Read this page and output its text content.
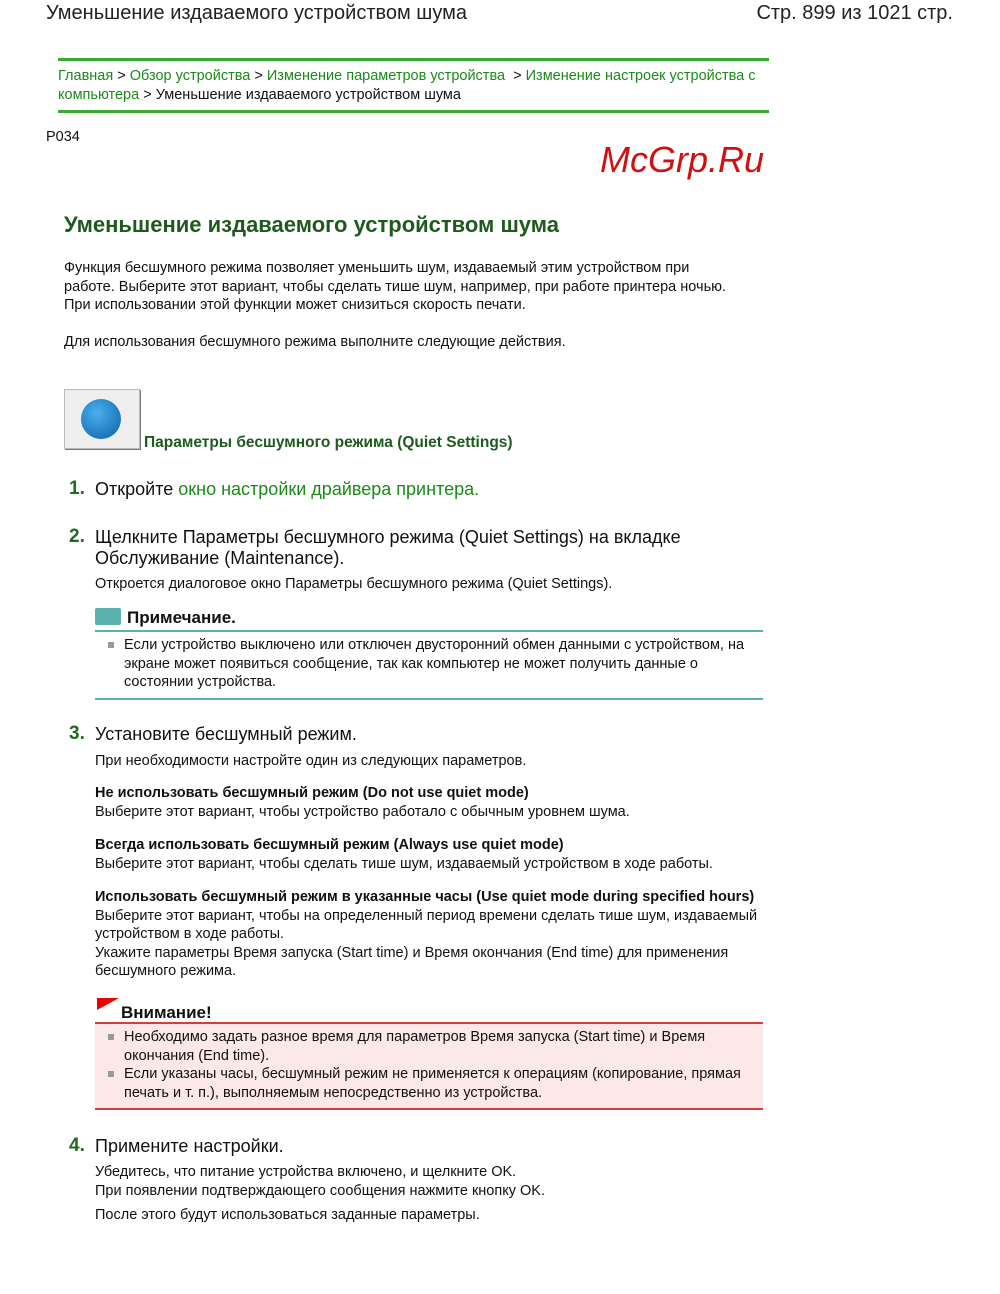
Уменьшение издаваемого устройством шума	Стр. 899 из 1021 стр.
Главная > Обзор устройства > Изменение параметров устройства  > Изменение настроек устройства с компьютера > Уменьшение издаваемого устройством шума
P034
McGrp.Ru
Уменьшение издаваемого устройством шума
Функция бесшумного режима позволяет уменьшить шум, издаваемый этим устройством при работе. Выберите этот вариант, чтобы сделать тише шум, например, при работе принтера ночью.
При использовании этой функции может снизиться скорость печати.
Для использования бесшумного режима выполните следующие действия.
Параметры бесшумного режима (Quiet Settings)
1. Откройте окно настройки драйвера принтера.
2. Щелкните Параметры бесшумного режима (Quiet Settings) на вкладке Обслуживание (Maintenance).
Откроется диалоговое окно Параметры бесшумного режима (Quiet Settings).
Примечание.
Если устройство выключено или отключен двусторонний обмен данными с устройством, на экране может появиться сообщение, так как компьютер не может получить данные о состоянии устройства.
3. Установите бесшумный режим.
При необходимости настройте один из следующих параметров.
Не использовать бесшумный режим (Do not use quiet mode)
Выберите этот вариант, чтобы устройство работало с обычным уровнем шума.
Всегда использовать бесшумный режим (Always use quiet mode)
Выберите этот вариант, чтобы сделать тише шум, издаваемый устройством в ходе работы.
Использовать бесшумный режим в указанные часы (Use quiet mode during specified hours)
Выберите этот вариант, чтобы на определенный период времени сделать тише шум, издаваемый устройством в ходе работы.
Укажите параметры Время запуска (Start time) и Время окончания (End time) для применения бесшумного режима.
Внимание!
Необходимо задать разное время для параметров Время запуска (Start time) и Время окончания (End time).
Если указаны часы, бесшумный режим не применяется к операциям (копирование, прямая печать и т. п.), выполняемым непосредственно из устройства.
4. Примените настройки.
Убедитесь, что питание устройства включено, и щелкните OK.
При появлении подтверждающего сообщения нажмите кнопку OK.
После этого будут использоваться заданные параметры.
